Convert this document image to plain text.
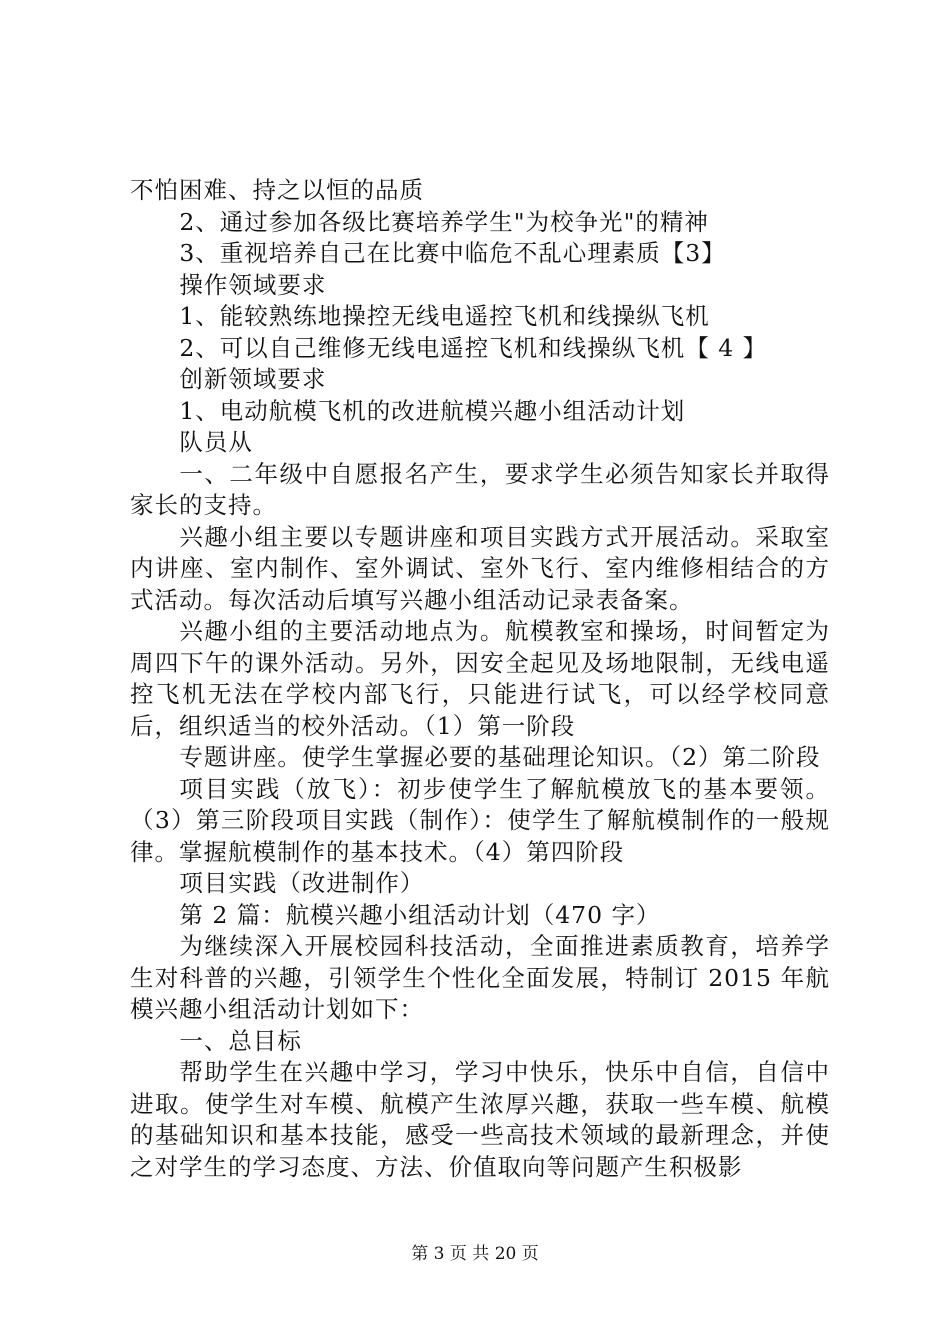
不怕困难、持之以恒的品质

2、通过参加各级比赛培养学生"为校争光"的精神

3、重视培养自己在比赛中临危不乱心理素质【3】

操作领域要求

1、能较熟练地操控无线电遥控飞机和线操纵飞机

2、可以自己维修无线电遥控飞机和线操纵飞机【 4 】

创新领域要求

1、电动航模飞机的改进航模兴趣小组活动计划

队员从

一、二年级中自愿报名产生，要求学生必须告知家长并取得家长的支持。

兴趣小组主要以专题讲座和项目实践方式开展活动。采取室内讲座、室内制作、室外调试、室外飞行、室内维修相结合的方式活动。每次活动后填写兴趣小组活动记录表备案。

兴趣小组的主要活动地点为。航模教室和操场，时间暂定为周四下午的课外活动。另外，因安全起见及场地限制，无线电遥控飞机无法在学校内部飞行，只能进行试飞，可以经学校同意后，组织适当的校外活动。（1）第一阶段

专题讲座。使学生掌握必要的基础理论知识。（2）第二阶段

项目实践（放飞）：初步使学生了解航模放飞的基本要领。（3）第三阶段项目实践（制作）：使学生了解航模制作的一般规律。掌握航模制作的基本技术。（4）第四阶段

项目实践（改进制作）

第 2 篇：航模兴趣小组活动计划（470 字）

为继续深入开展校园科技活动，全面推进素质教育，培养学生对科普的兴趣，引领学生个性化全面发展，特制订 2015 年航模兴趣小组活动计划如下：

一、总目标

帮助学生在兴趣中学习，学习中快乐，快乐中自信，自信中进取。使学生对车模、航模产生浓厚兴趣，获取一些车模、航模的基础知识和基本技能，感受一些高技术领域的最新理念，并使之对学生的学习态度、方法、价值取向等问题产生积极影

第 3 页 共 20 页
